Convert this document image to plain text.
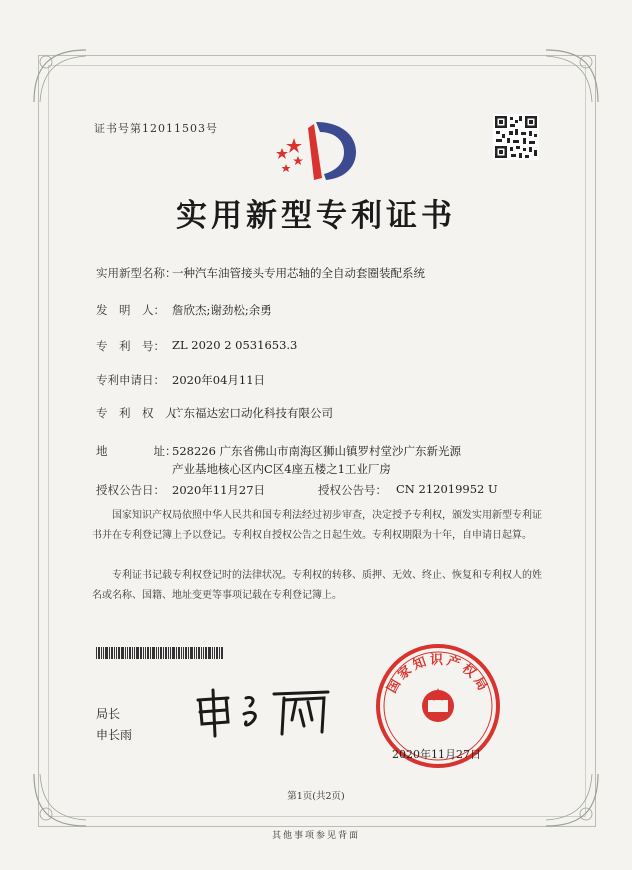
证书号第12011503号
实用新型专利证书
实用新型名称：
一种汽车油管接头专用芯轴的全自动套圈装配系统
发　明　人： 詹欣杰;谢劲松;余勇
专　利　号： ZL 2020 2 0531653.3
专利申请日： 2020年04月11日
专　利　权　人：
广东福达宏口动化科技有限公司
地　　　　址：
528226 广东省佛山市南海区狮山镇罗村堂沙广东新光源
产业基地核心区内C区4座五楼之1工业厂房
授权公告日： 2020年11月27日	授权公告号： CN 212019952 U
国家知识产权局依照中华人民共和国专利法经过初步审查，决定授予专利权，颁发实用新型专利证书并在专利登记簿上予以登记。专利权自授权公告之日起生效。专利权期限为十年，自申请日起算。
专利证书记载专利权登记时的法律状况。专利权的转移、质押、无效、终止、恢复和专利权人的姓名或名称、国籍、地址变更等事项记载在专利登记簿上。
局长
申长雨
国家知识产权局
2020年11月27日
第1页(共2页)
其他事项参见背面
